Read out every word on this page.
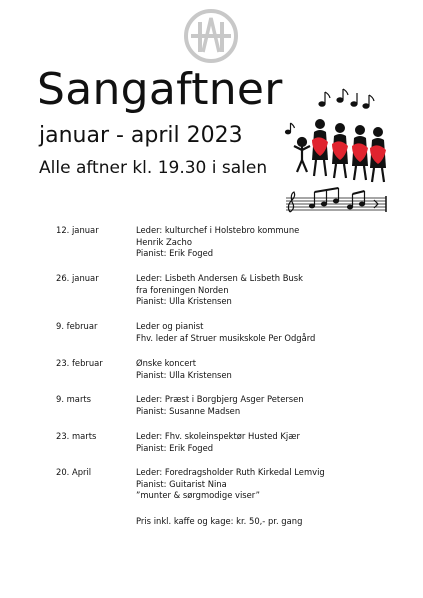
Sangaftner
januar - april 2023
Alle aftner kl. 19.30 i salen
12. januar	Leder: kulturchef i Holstebro kommune
Henrik Zacho
Pianist: Erik Foged
26. januar	Leder: Lisbeth Andersen & Lisbeth Busk
fra foreningen Norden
Pianist: Ulla Kristensen
9. februar	Leder og pianist
Fhv. leder af Struer musikskole Per Odgård
23. februar	Ønske koncert
Pianist: Ulla Kristensen
9. marts	Leder: Præst i Borgbjerg Asger Petersen
Pianist: Susanne Madsen
23. marts	Leder: Fhv. skoleinspektør Husted Kjær
Pianist: Erik Foged
20. April	Leder: Foredragsholder Ruth Kirkedal Lemvig
Pianist: Guitarist Nina
”munter & sørgmodige viser”
Pris inkl. kaffe og kage: kr. 50,- pr. gang
